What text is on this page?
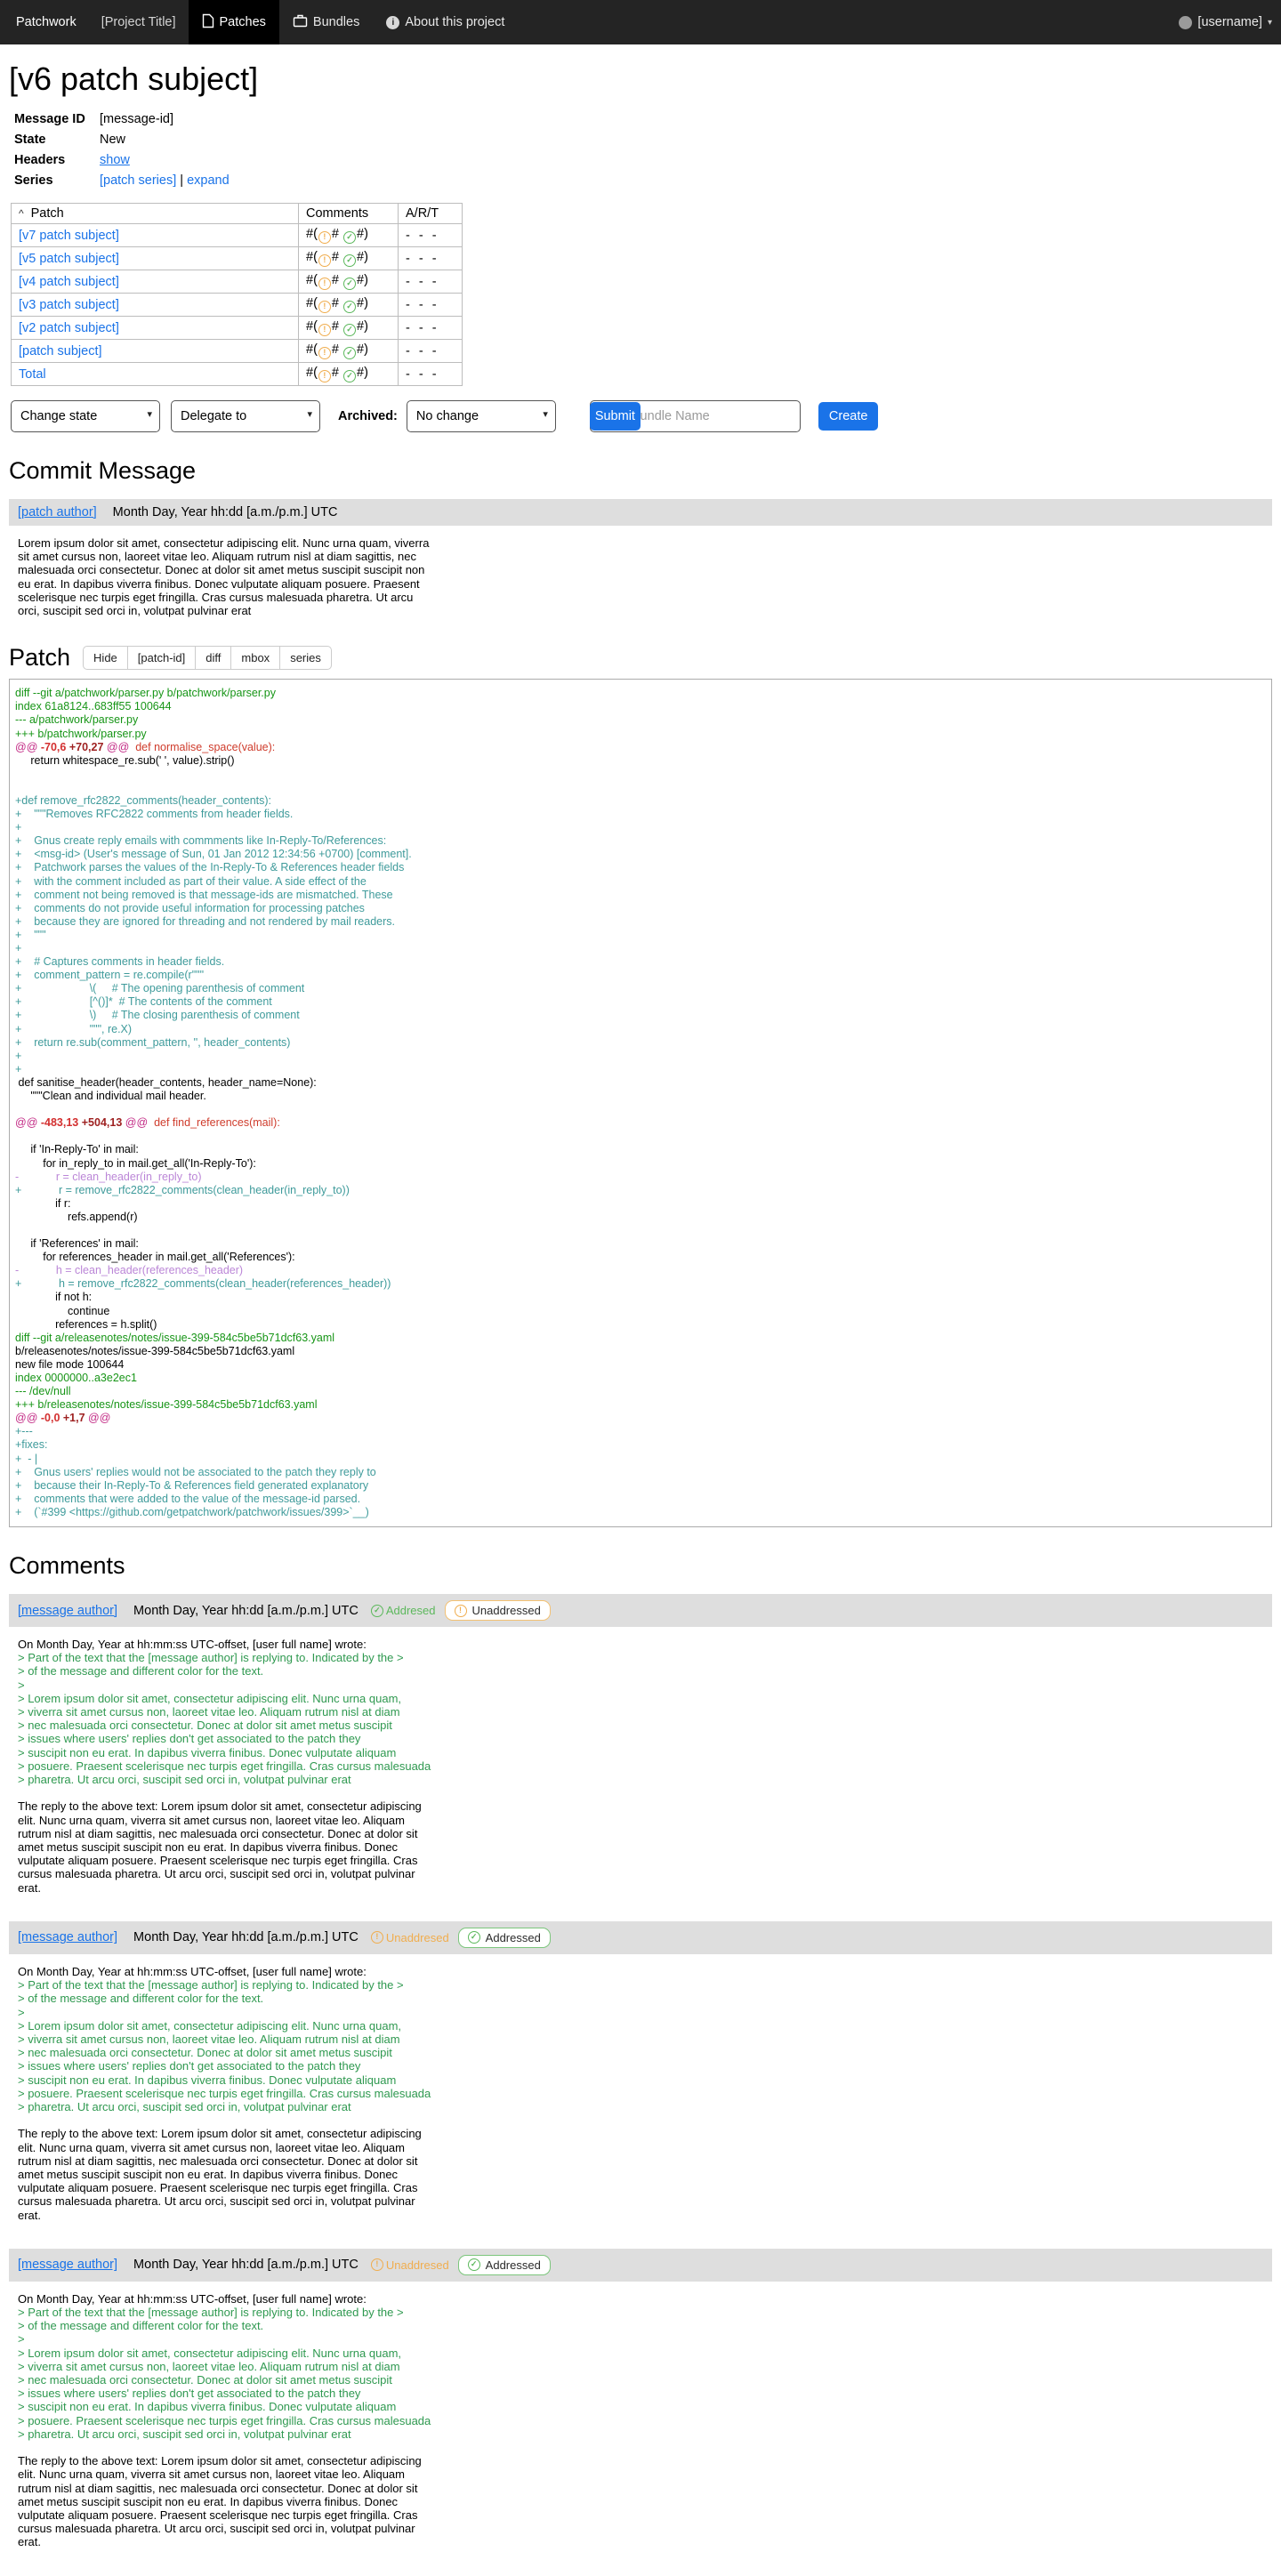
Patchwork	[Project Title]	Patches	Bundles	i About this project	[username] ▾
[v6 patch subject]
Message ID	[message-id]
State	New
Headers	show
Series	[patch series] | expand
^ Patch	Comments	A/R/T
[v7 patch subject]	#( ! # ✓ #)	- - -
[v5 patch subject]	#( ! # ✓ #)	- - -
[v4 patch subject]	#( ! # ✓ #)	- - -
[v3 patch subject]	#( ! # ✓ #)	- - -
[v2 patch subject]	#( ! # ✓ #)	- - -
[patch subject]	#( ! # ✓ #)	- - -
Total	#( ! # ✓ #)	- - -
Change state ▾
Delegate to ▾
Archived:
No change ▾	Submit
Bundle Name	Create
Commit Message
[patch author] Month Day, Year hh:dd [a.m./p.m.] UTC
Lorem ipsum dolor sit amet, consectetur adipiscing elit. Nunc urna quam, viverra
sit amet cursus non, laoreet vitae leo. Aliquam rutrum nisl at diam sagittis, nec
malesuada orci consectetur. Donec at dolor sit amet metus suscipit suscipit non
eu erat. In dapibus viverra finibus. Donec vulputate aliquam posuere. Praesent
scelerisque nec turpis eget fringilla. Cras cursus malesuada pharetra. Ut arcu
orci, suscipit sed orci in, volutpat pulvinar erat
Patch	Hide	[patch-id]	diff	mbox	series
diff --git a/patchwork/parser.py b/patchwork/parser.py
index 61a8124..683ff55 100644
--- a/patchwork/parser.py
+++ b/patchwork/parser.py
@@ -70,6 +70,27 @@  def normalise_space(value):
return whitespace_re.sub(' ', value).strip()

+def remove_rfc2822_comments(header_contents):
+    """Removes RFC2822 comments from header fields.
+
+    Gnus create reply emails with commments like In-Reply-To/References:
+    <msg-id> (User's message of Sun, 01 Jan 2012 12:34:56 +0700) [comment].
+    Patchwork parses the values of the In-Reply-To & References header fields
+    with the comment included as part of their value. A side effect of the
+    comment not being removed is that message-ids are mismatched. These
+    comments do not provide useful information for processing patches
+    because they are ignored for threading and not rendered by mail readers.
+    """
+
+    # Captures comments in header fields.
+    comment_pattern = re.compile(r"""
+                      \(     # The opening parenthesis of comment
+                      [^()]*  # The contents of the comment
+                      \)     # The closing parenthesis of comment
+                      """, re.X)
+    return re.sub(comment_pattern, '', header_contents)
+
+
def sanitise_header(header_contents, header_name=None):
"""Clean and individual mail header.

@@ -483,13 +504,13 @@  def find_references(mail):

if 'In-Reply-To' in mail:
for in_reply_to in mail.get_all('In-Reply-To'):
-            r = clean_header(in_reply_to)
+            r = remove_rfc2822_comments(clean_header(in_reply_to))
if r:
refs.append(r)

if 'References' in mail:
for references_header in mail.get_all('References'):
-            h = clean_header(references_header)
+            h = remove_rfc2822_comments(clean_header(references_header))
if not h:
continue
references = h.split()
diff --git a/releasenotes/notes/issue-399-584c5be5b71dcf63.yaml
b/releasenotes/notes/issue-399-584c5be5b71dcf63.yaml
new file mode 100644
index 0000000..a3e2ec1
--- /dev/null
+++ b/releasenotes/notes/issue-399-584c5be5b71dcf63.yaml
@@ -0,0 +1,7 @@
+---
+fixes:
+  - |
+    Gnus users' replies would not be associated to the patch they reply to
+    because their In-Reply-To & References field generated explanatory
+    comments that were added to the value of the message-id parsed.
+    (`#399 <https://github.com/getpatchwork/patchwork/issues/399>`__)

Comments
[message author] Month Day, Year hh:dd [a.m./p.m.] UTC	✓ Addresed	! Unaddressed
On Month Day, Year at hh:mm:ss UTC-offset, [user full name] wrote:
> Part of the text that the [message author] is replying to. Indicated by the >
> of the message and different color for the text.
>
> Lorem ipsum dolor sit amet, consectetur adipiscing elit. Nunc urna quam,
> viverra sit amet cursus non, laoreet vitae leo. Aliquam rutrum nisl at diam
> nec malesuada orci consectetur. Donec at dolor sit amet metus suscipit
> issues where users' replies don't get associated to the patch they
> suscipit non eu erat. In dapibus viverra finibus. Donec vulputate aliquam
> posuere. Praesent scelerisque nec turpis eget fringilla. Cras cursus malesuada
> pharetra. Ut arcu orci, suscipit sed orci in, volutpat pulvinar erat

The reply to the above text: Lorem ipsum dolor sit amet, consectetur adipiscing
elit. Nunc urna quam, viverra sit amet cursus non, laoreet vitae leo. Aliquam
rutrum nisl at diam sagittis, nec malesuada orci consectetur. Donec at dolor sit
amet metus suscipit suscipit non eu erat. In dapibus viverra finibus. Donec
vulputate aliquam posuere. Praesent scelerisque nec turpis eget fringilla. Cras
cursus malesuada pharetra. Ut arcu orci, suscipit sed orci in, volutpat pulvinar
erat.
[message author] Month Day, Year hh:dd [a.m./p.m.] UTC	! Unaddresed	✓ Addressed
On Month Day, Year at hh:mm:ss UTC-offset, [user full name] wrote:
> Part of the text that the [message author] is replying to. Indicated by the >
> of the message and different color for the text.
>
> Lorem ipsum dolor sit amet, consectetur adipiscing elit. Nunc urna quam,
> viverra sit amet cursus non, laoreet vitae leo. Aliquam rutrum nisl at diam
> nec malesuada orci consectetur. Donec at dolor sit amet metus suscipit
> issues where users' replies don't get associated to the patch they
> suscipit non eu erat. In dapibus viverra finibus. Donec vulputate aliquam
> posuere. Praesent scelerisque nec turpis eget fringilla. Cras cursus malesuada
> pharetra. Ut arcu orci, suscipit sed orci in, volutpat pulvinar erat

The reply to the above text: Lorem ipsum dolor sit amet, consectetur adipiscing
elit. Nunc urna quam, viverra sit amet cursus non, laoreet vitae leo. Aliquam
rutrum nisl at diam sagittis, nec malesuada orci consectetur. Donec at dolor sit
amet metus suscipit suscipit non eu erat. In dapibus viverra finibus. Donec
vulputate aliquam posuere. Praesent scelerisque nec turpis eget fringilla. Cras
cursus malesuada pharetra. Ut arcu orci, suscipit sed orci in, volutpat pulvinar
erat.
[message author] Month Day, Year hh:dd [a.m./p.m.] UTC	! Unaddresed	✓ Addressed
On Month Day, Year at hh:mm:ss UTC-offset, [user full name] wrote:
> Part of the text that the [message author] is replying to. Indicated by the >
> of the message and different color for the text.
>
> Lorem ipsum dolor sit amet, consectetur adipiscing elit. Nunc urna quam,
> viverra sit amet cursus non, laoreet vitae leo. Aliquam rutrum nisl at diam
> nec malesuada orci consectetur. Donec at dolor sit amet metus suscipit
> issues where users' replies don't get associated to the patch they
> suscipit non eu erat. In dapibus viverra finibus. Donec vulputate aliquam
> posuere. Praesent scelerisque nec turpis eget fringilla. Cras cursus malesuada
> pharetra. Ut arcu orci, suscipit sed orci in, volutpat pulvinar erat

The reply to the above text: Lorem ipsum dolor sit amet, consectetur adipiscing
elit. Nunc urna quam, viverra sit amet cursus non, laoreet vitae leo. Aliquam
rutrum nisl at diam sagittis, nec malesuada orci consectetur. Donec at dolor sit
amet metus suscipit suscipit non eu erat. In dapibus viverra finibus. Donec
vulputate aliquam posuere. Praesent scelerisque nec turpis eget fringilla. Cras
cursus malesuada pharetra. Ut arcu orci, suscipit sed orci in, volutpat pulvinar
erat.
